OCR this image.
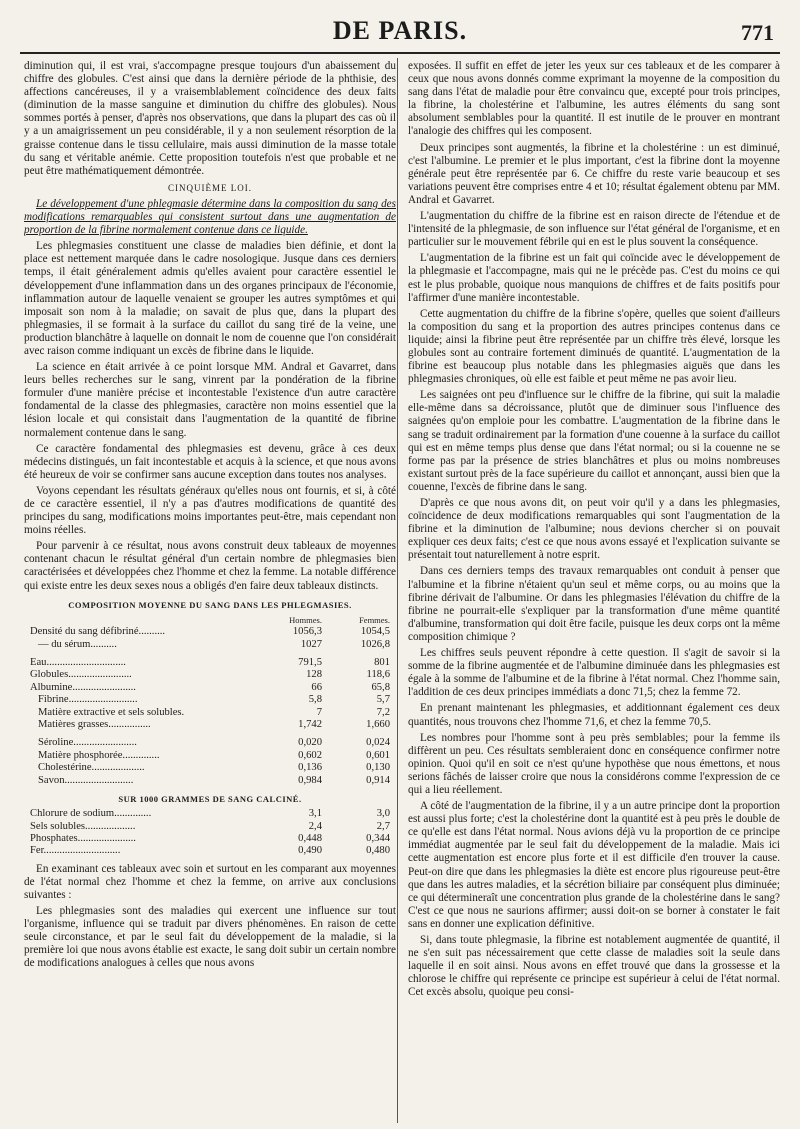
DE PARIS.	771

diminution qui, il est vrai, s'accompagne presque toujours d'un abaissement du chiffre des globules. C'est ainsi que dans la dernière période de la phthisie, des affections cancéreuses, il y a vraisemblablement coïncidence des deux faits (diminution de la masse sanguine et diminution du chiffre des globules). Nous sommes portés à penser, d'après nos observations, que dans la plupart des cas où il y a un amaigrissement un peu considérable, il y a non seulement résorption de la graisse contenue dans le tissu cellulaire, mais aussi diminution de la masse totale du sang et véritable anémie. Cette proposition toutefois n'est que probable et ne peut être mathématiquement démontrée.

CINQUIÈME LOI.

Le développement d'une phlegmasie détermine dans la composition du sang des modifications remarquables qui consistent surtout dans une augmentation de proportion de la fibrine normalement contenue dans ce liquide.

Les phlegmasies constituent une classe de maladies bien définie, et dont la place est nettement marquée dans le cadre nosologique. Jusque dans ces derniers temps, il était généralement admis qu'elles avaient pour caractère essentiel le développement d'une inflammation dans un des organes principaux de l'économie, inflammation autour de laquelle venaient se grouper les autres symptômes et qui imposait son nom à la maladie; on savait de plus que, dans la plupart des phlegmasies, il se formait à la surface du caillot du sang tiré de la veine, une production blanchâtre à laquelle on donnait le nom de couenne que l'on considérait avec raison comme indiquant un excès de fibrine dans le liquide.

La science en était arrivée à ce point lorsque MM. Andral et Gavarret, dans leurs belles recherches sur le sang, vinrent par la pondération de la fibrine formuler d'une manière précise et incontestable l'existence d'un autre caractère fondamental de la classe des phlegmasies, caractère non moins essentiel que la lésion locale et qui consistait dans l'augmentation de la quantité de fibrine normalement contenue dans le sang.

Ce caractère fondamental des phlegmasies est devenu, grâce à ces deux médecins distingués, un fait incontestable et acquis à la science, et que nous avons été heureux de voir se confirmer sans aucune exception dans toutes nos analyses.

Voyons cependant les résultats généraux qu'elles nous ont fournis, et si, à côté de ce caractère essentiel, il n'y a pas d'autres modifications de quantité des principes du sang, modifications moins importantes peut-être, mais cependant non moins réelles.

Pour parvenir à ce résultat, nous avons construit deux tableaux de moyennes contenant chacun le résultat général d'un certain nombre de phlegmasies bien caractérisées et développées chez l'homme et chez la femme. La notable différence qui existe entre les deux sexes nous a obligés d'en faire deux tableaux distincts.

COMPOSITION MOYENNE DU SANG DANS LES PHLEGMASIES.
	Hommes.	Femmes.
Densité du sang défibriné..........	1056,3	1054,5
— du sérum..........	1027	1026,8

Eau..............................	791,5	801
Globules........................	128	118,6
Albumine........................	66	65,8
Fibrine..........................	5,8	5,7
Matière extractive et sels solubles.	7	7,2
Matières grasses................	1,742	1,660

Séroline........................	0,020	0,024
Matière phosphorée..............	0,602	0,601
Cholestérine....................	0,136	0,130
Savon..........................	0,984	0,914
SUR 1000 GRAMMES DE SANG CALCINÉ.
Chlorure de sodium..............	3,1	3,0
Sels solubles...................	2,4	2,7
Phosphates......................	0,448	0,344
Fer.............................	0,490	0,480

En examinant ces tableaux avec soin et surtout en les comparant aux moyennes de l'état normal chez l'homme et chez la femme, on arrive aux conclusions suivantes :

Les phlegmasies sont des maladies qui exercent une influence sur tout l'organisme, influence qui se traduit par divers phénomènes. En raison de cette seule circonstance, et par le seul fait du développement de la maladie, si la première loi que nous avons établie est exacte, le sang doit subir un certain nombre de modifications analogues à celles que nous avons

exposées. Il suffit en effet de jeter les yeux sur ces tableaux et de les comparer à ceux que nous avons donnés comme exprimant la moyenne de la composition du sang dans l'état de maladie pour être convaincu que, excepté pour trois principes, la fibrine, la cholestérine et l'albumine, les autres éléments du sang sont absolument semblables pour la quantité. Il est inutile de le prouver en montrant l'analogie des chiffres qui les composent.

Deux principes sont augmentés, la fibrine et la cholestérine : un est diminué, c'est l'albumine. Le premier et le plus important, c'est la fibrine dont la moyenne générale peut être représentée par 6. Ce chiffre du reste varie beaucoup et ses variations peuvent être comprises entre 4 et 10; résultat également obtenu par MM. Andral et Gavarret.

L'augmentation du chiffre de la fibrine est en raison directe de l'étendue et de l'intensité de la phlegmasie, de son influence sur l'état général de l'organisme, et en particulier sur le mouvement fébrile qui en est le plus souvent la conséquence.

L'augmentation de la fibrine est un fait qui coïncide avec le développement de la phlegmasie et l'accompagne, mais qui ne le précède pas. C'est du moins ce qui est le plus probable, quoique nous manquions de chiffres et de faits positifs pour l'affirmer d'une manière incontestable.

Cette augmentation du chiffre de la fibrine s'opère, quelles que soient d'ailleurs la composition du sang et la proportion des autres principes contenus dans ce liquide; ainsi la fibrine peut être représentée par un chiffre très élevé, lorsque les globules sont au contraire fortement diminués de quantité. L'augmentation de la fibrine est beaucoup plus notable dans les phlegmasies aiguës que dans les phlegmasies chroniques, où elle est faible et peut même ne pas avoir lieu.

Les saignées ont peu d'influence sur le chiffre de la fibrine, qui suit la maladie elle-même dans sa décroissance, plutôt que de diminuer sous l'influence des saignées qu'on emploie pour les combattre. L'augmentation de la fibrine dans le sang se traduit ordinairement par la formation d'une couenne à la surface du caillot qui est en même temps plus dense que dans l'état normal; ou si la couenne ne se forme pas par la présence de stries blanchâtres et plus ou moins nombreuses existant surtout près de la face supérieure du caillot et annonçant, aussi bien que la couenne, l'excès de fibrine dans le sang.

D'après ce que nous avons dit, on peut voir qu'il y a dans les phlegmasies, coïncidence de deux modifications remarquables qui sont l'augmentation de la fibrine et la diminution de l'albumine; nous devions chercher si on pouvait expliquer ces deux faits; c'est ce que nous avons essayé et l'explication suivante se présentait tout naturellement à notre esprit.

Dans ces derniers temps des travaux remarquables ont conduit à penser que l'albumine et la fibrine n'étaient qu'un seul et même corps, ou au moins que la fibrine dérivait de l'albumine. Or dans les phlegmasies l'élévation du chiffre de la fibrine ne pourrait-elle s'expliquer par la transformation d'une même quantité d'albumine, transformation qui doit être facile, puisque les deux corps ont la même composition chimique ?

Les chiffres seuls peuvent répondre à cette question. Il s'agit de savoir si la somme de la fibrine augmentée et de l'albumine diminuée dans les phlegmasies est égale à la somme de l'albumine et de la fibrine à l'état normal. Chez l'homme sain, l'addition de ces deux principes immédiats a donc 71,5; chez la femme 72.

En prenant maintenant les phlegmasies, et additionnant également ces deux quantités, nous trouvons chez l'homme 71,6, et chez la femme 70,5.

Les nombres pour l'homme sont à peu près semblables; pour la femme ils diffèrent un peu. Ces résultats sembleraient donc en conséquence confirmer notre opinion. Quoi qu'il en soit ce n'est qu'une hypothèse que nous émettons, et nous serions fâchés de laisser croire que nous la considérons comme l'expression de ce qui a lieu réellement.

A côté de l'augmentation de la fibrine, il y a un autre principe dont la proportion est aussi plus forte; c'est la cholestérine dont la quantité est à peu près le double de ce qu'elle est dans l'état normal. Nous avions déjà vu la proportion de ce principe immédiat augmentée par le seul fait du développement de la maladie. Mais ici cette augmentation est encore plus forte et il est difficile d'en trouver la cause. Peut-on dire que dans les phlegmasies la diète est encore plus rigoureuse peut-être que dans les autres maladies, et la sécrétion biliaire par conséquent plus diminuée; ce qui détermineraît une concentration plus grande de la cholestérine dans le sang? C'est ce que nous ne saurions affirmer; aussi doit-on se borner à constater le fait sans en donner une explication définitive.

Si, dans toute phlegmasie, la fibrine est notablement augmentée de quantité, il ne s'en suit pas nécessairement que cette classe de maladies soit la seule dans laquelle il en soit ainsi. Nous avons en effet trouvé que dans la grossesse et la chlorose le chiffre qui représente ce principe est supérieur à celui de l'état normal. Cet excès absolu, quoique peu consi-
